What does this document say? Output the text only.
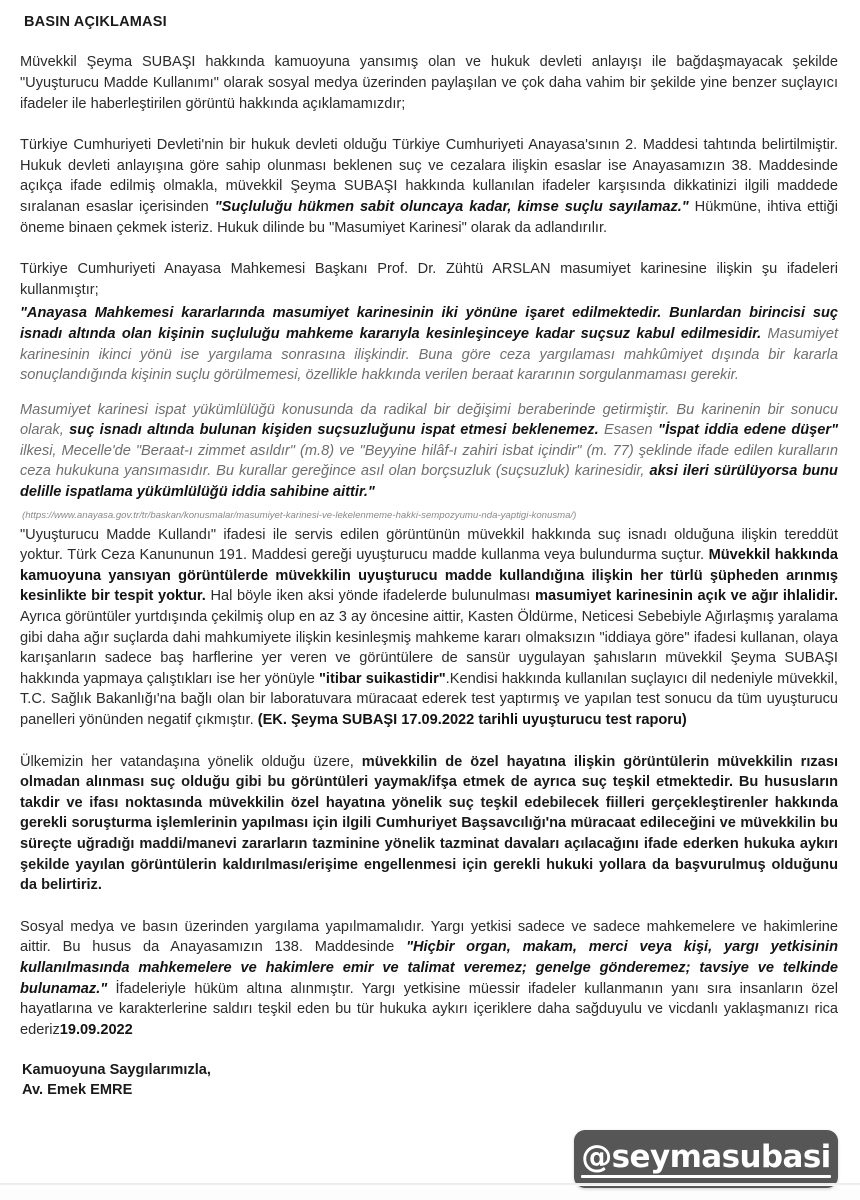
BASIN AÇIKLAMASI

Müvekkil Şeyma SUBAŞI hakkında kamuoyuna yansımış olan ve hukuk devleti anlayışı ile bağdaşmayacak şekilde "Uyuşturucu Madde Kullanımı" olarak sosyal medya üzerinden paylaşılan ve çok daha vahim bir şekilde yine benzer suçlayıcı ifadeler ile haberleştirilen görüntü hakkında açıklamamızdır;

Türkiye Cumhuriyeti Devleti'nin bir hukuk devleti olduğu Türkiye Cumhuriyeti Anayasa'sının 2. Maddesi tahtında belirtilmiştir. Hukuk devleti anlayışına göre sahip olunması beklenen suç ve cezalara ilişkin esaslar ise Anayasamızın 38. Maddesinde açıkça ifade edilmiş olmakla, müvekkil Şeyma SUBAŞI hakkında kullanılan ifadeler karşısında dikkatinizi ilgili maddede sıralanan esaslar içerisinden "Suçluluğu hükmen sabit oluncaya kadar, kimse suçlu sayılamaz." Hükmüne, ihtiva ettiği öneme binaen çekmek isteriz. Hukuk dilinde bu "Masumiyet Karinesi" olarak da adlandırılır.

Türkiye Cumhuriyeti Anayasa Mahkemesi Başkanı Prof. Dr. Zühtü ARSLAN masumiyet karinesine ilişkin şu ifadeleri kullanmıştır;

"Anayasa Mahkemesi kararlarında masumiyet karinesinin iki yönüne işaret edilmektedir. Bunlardan birincisi suç isnadı altında olan kişinin suçluluğu mahkeme kararıyla kesinleşinceye kadar suçsuz kabul edilmesidir. Masumiyet karinesinin ikinci yönü ise yargılama sonrasına ilişkindir. Buna göre ceza yargılaması mahkûmiyet dışında bir kararla sonuçlandığında kişinin suçlu görülmemesi, özellikle hakkında verilen beraat kararının sorgulanmaması gerekir.

Masumiyet karinesi ispat yükümlülüğü konusunda da radikal bir değişimi beraberinde getirmiştir. Bu karinenin bir sonucu olarak, suç isnadı altında bulunan kişiden suçsuzluğunu ispat etmesi beklenemez. Esasen "İspat iddia edene düşer" ilkesi, Mecelle'de "Beraat-ı zimmet asıldır" (m.8) ve "Beyyine hilâf-ı zahiri isbat içindir" (m. 77) şeklinde ifade edilen kuralların ceza hukukuna yansımasıdır. Bu kurallar gereğince asıl olan borçsuzluk (suçsuzluk) karinesidir, aksi ileri sürülüyorsa bunu delille ispatlama yükümlülüğü iddia sahibine aittir."

(https://www.anayasa.gov.tr/tr/baskan/konusmalar/masumiyet-karinesi-ve-lekelenmeme-hakki-sempozyumu-nda-yaptigi-konusma/)

"Uyuşturucu Madde Kullandı" ifadesi ile servis edilen görüntünün müvekkil hakkında suç isnadı olduğuna ilişkin tereddüt yoktur. Türk Ceza Kanununun 191. Maddesi gereği uyuşturucu madde kullanma veya bulundurma suçtur. Müvekkil hakkında kamuoyuna yansıyan görüntülerde müvekkilin uyuşturucu madde kullandığına ilişkin her türlü şüpheden arınmış kesinlikte bir tespit yoktur. Hal böyle iken aksi yönde ifadelerde bulunulması masumiyet karinesinin açık ve ağır ihlalidir. Ayrıca görüntüler yurtdışında çekilmiş olup en az 3 ay öncesine aittir, Kasten Öldürme, Neticesi Sebebiyle Ağırlaşmış yaralama gibi daha ağır suçlarda dahi mahkumiyete ilişkin kesinleşmiş mahkeme kararı olmaksızın "iddiaya göre" ifadesi kullanan, olaya karışanların sadece baş harflerine yer veren ve görüntülere de sansür uygulayan şahısların müvekkil Şeyma SUBAŞI hakkında yapmaya çalıştıkları ise her yönüyle "itibar suikastidir".Kendisi hakkında kullanılan suçlayıcı dil nedeniyle müvekkil, T.C. Sağlık Bakanlığı'na bağlı olan bir laboratuvara müracaat ederek test yaptırmış ve yapılan test sonucu da tüm uyuşturucu panelleri yönünden negatif çıkmıştır. (EK. Şeyma SUBAŞI 17.09.2022 tarihli uyuşturucu test raporu)

Ülkemizin her vatandaşına yönelik olduğu üzere, müvekkilin de özel hayatına ilişkin görüntülerin müvekkilin rızası olmadan alınması suç olduğu gibi bu görüntüleri yaymak/ifşa etmek de ayrıca suç teşkil etmektedir. Bu hususların takdir ve ifası noktasında müvekkilin özel hayatına yönelik suç teşkil edebilecek fiilleri gerçekleştirenler hakkında gerekli soruşturma işlemlerinin yapılması için ilgili Cumhuriyet Başsavcılığı'na müracaat edileceğini ve müvekkilin bu süreçte uğradığı maddi/manevi zararların tazminine yönelik tazminat davaları açılacağını ifade ederken hukuka aykırı şekilde yayılan görüntülerin kaldırılması/erişime engellenmesi için gerekli hukuki yollara da başvurulmuş olduğunu da belirtiriz.

Sosyal medya ve basın üzerinden yargılama yapılmamalıdır. Yargı yetkisi sadece ve sadece mahkemelere ve hakimlerine aittir. Bu husus da Anayasamızın 138. Maddesinde "Hiçbir organ, makam, merci veya kişi, yargı yetkisinin kullanılmasında mahkemelere ve hakimlere emir ve talimat veremez; genelge gönderemez; tavsiye ve telkinde bulunamaz." İfadeleriyle hüküm altına alınmıştır. Yargı yetkisine müessir ifadeler kullanmanın yanı sıra insanların özel hayatlarına ve karakterlerine saldırı teşkil eden bu tür hukuka aykırı içeriklere daha sağduyulu ve vicdanlı yaklaşmanızı rica ederiz19.09.2022

Kamuoyuna Saygılarımızla,
Av. Emek EMRE

@seymasubasi
